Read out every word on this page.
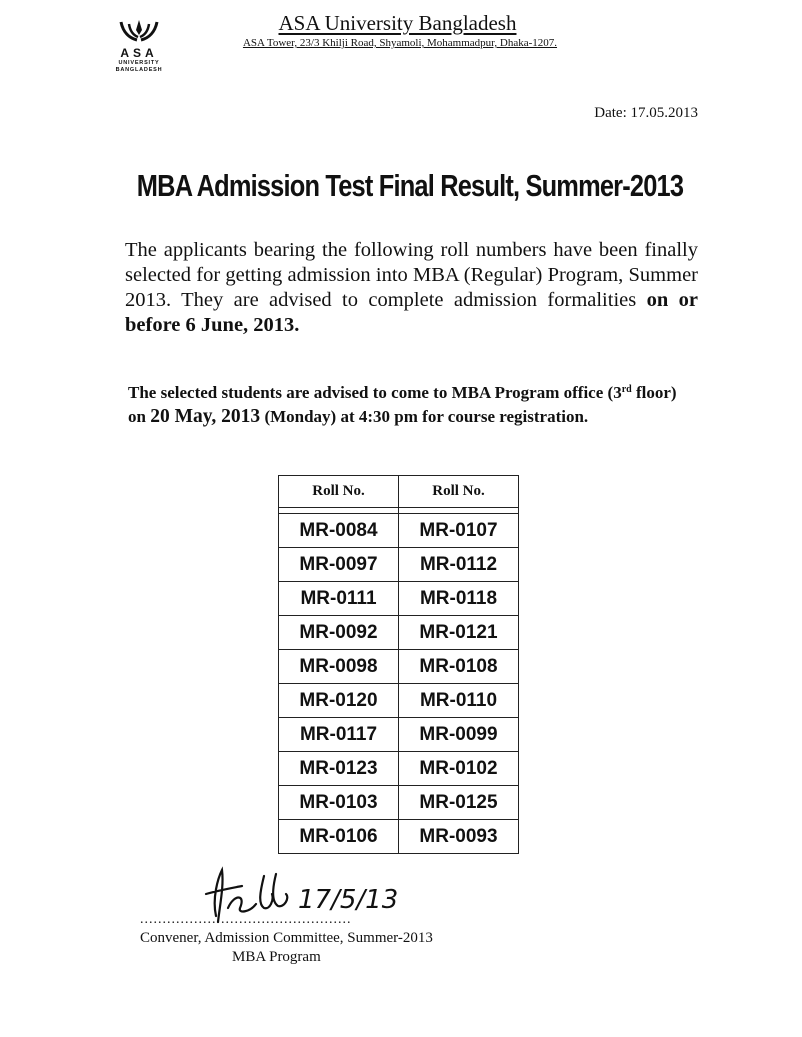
ASA
UNIVERSITY
BANGLADESH
ASA University Bangladesh
ASA Tower, 23/3 Khilji Road, Shyamoli, Mohammadpur, Dhaka-1207.
Date: 17.05.2013
MBA Admission Test Final Result, Summer-2013
The applicants bearing the following roll numbers have been finally selected for getting admission into MBA (Regular) Program, Summer 2013. They are advised to complete admission formalities on or before 6 June, 2013.
The selected students are advised to come to MBA Program office (3rd floor) on 20 May, 2013 (Monday) at 4:30 pm for course registration.
Roll No.	Roll No.

MR-0084	MR-0107
MR-0097	MR-0112
MR-0111	MR-0118
MR-0092	MR-0121
MR-0098	MR-0108
MR-0120	MR-0110
MR-0117	MR-0099
MR-0123	MR-0102
MR-0103	MR-0125
MR-0106	MR-0093
17/5/13
...............................................
Convener, Admission Committee, Summer-2013
MBA Program
